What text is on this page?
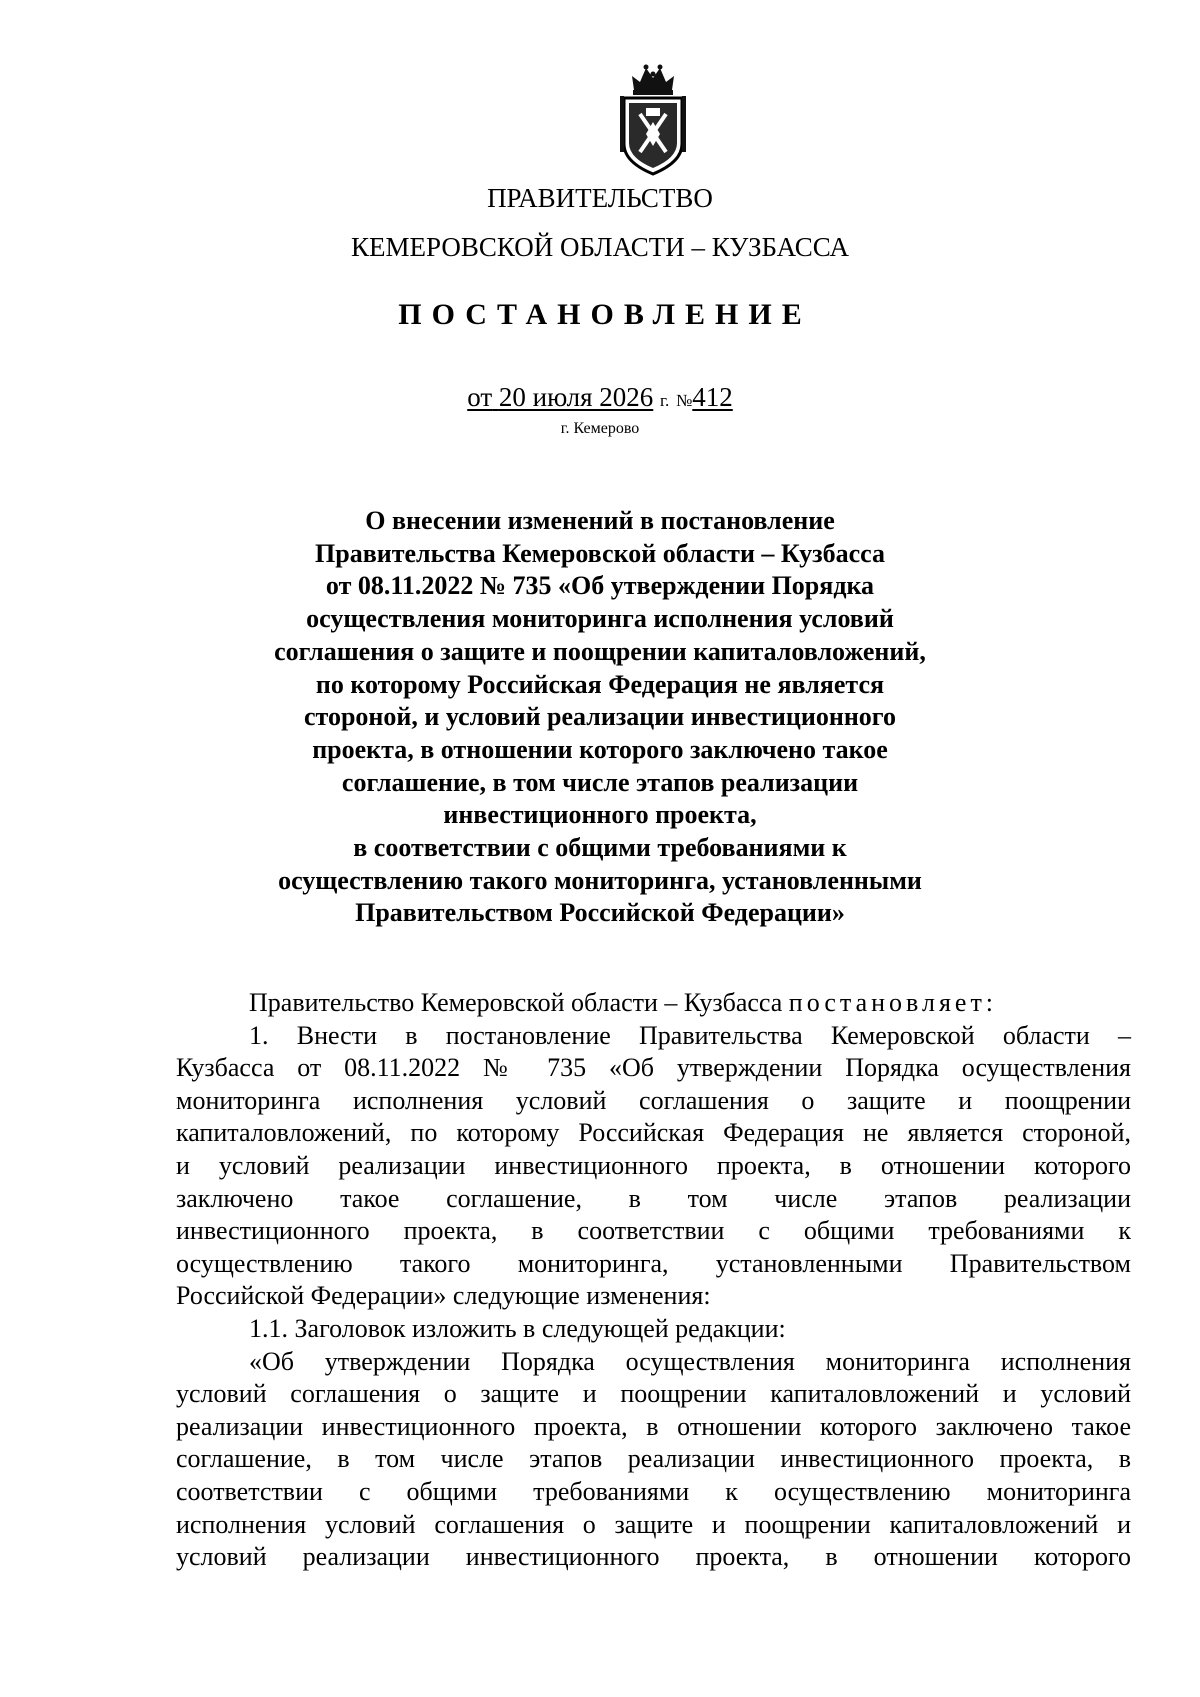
ПРАВИТЕЛЬСТВО
КЕМЕРОВСКОЙ ОБЛАСТИ – КУЗБАССА
ПОСТАНОВЛЕНИЕ
от 20 июля 2026 г. №412
г. Кемерово
О внесении изменений в постановление
Правительства Кемеровской области – Кузбасса
от 08.11.2022 № 735 «Об утверждении Порядка
осуществления мониторинга исполнения условий
соглашения о защите и поощрении капиталовложений,
по которому Российская Федерация не является
стороной, и условий реализации инвестиционного
проекта, в отношении которого заключено такое
соглашение, в том числе этапов реализации
инвестиционного проекта,
в соответствии с общими требованиями к
осуществлению такого мониторинга, установленными
Правительством Российской Федерации»
Правительство Кемеровской области – Кузбасса постановляет:
1. Внести в постановление Правительства Кемеровской области –
Кузбасса от 08.11.2022 № 735 «Об утверждении Порядка осуществления
мониторинга исполнения условий соглашения о защите и поощрении
капиталовложений, по которому Российская Федерация не является стороной,
и условий реализации инвестиционного проекта, в отношении которого
заключено такое соглашение, в том числе этапов реализации
инвестиционного проекта, в соответствии с общими требованиями к
осуществлению такого мониторинга, установленными Правительством
Российской Федерации» следующие изменения:
1.1. Заголовок изложить в следующей редакции:
«Об утверждении Порядка осуществления мониторинга исполнения
условий соглашения о защите и поощрении капиталовложений и условий
реализации инвестиционного проекта, в отношении которого заключено такое
соглашение, в том числе этапов реализации инвестиционного проекта, в
соответствии с общими требованиями к осуществлению мониторинга
исполнения условий соглашения о защите и поощрении капиталовложений и
условий реализации инвестиционного проекта, в отношении которого
